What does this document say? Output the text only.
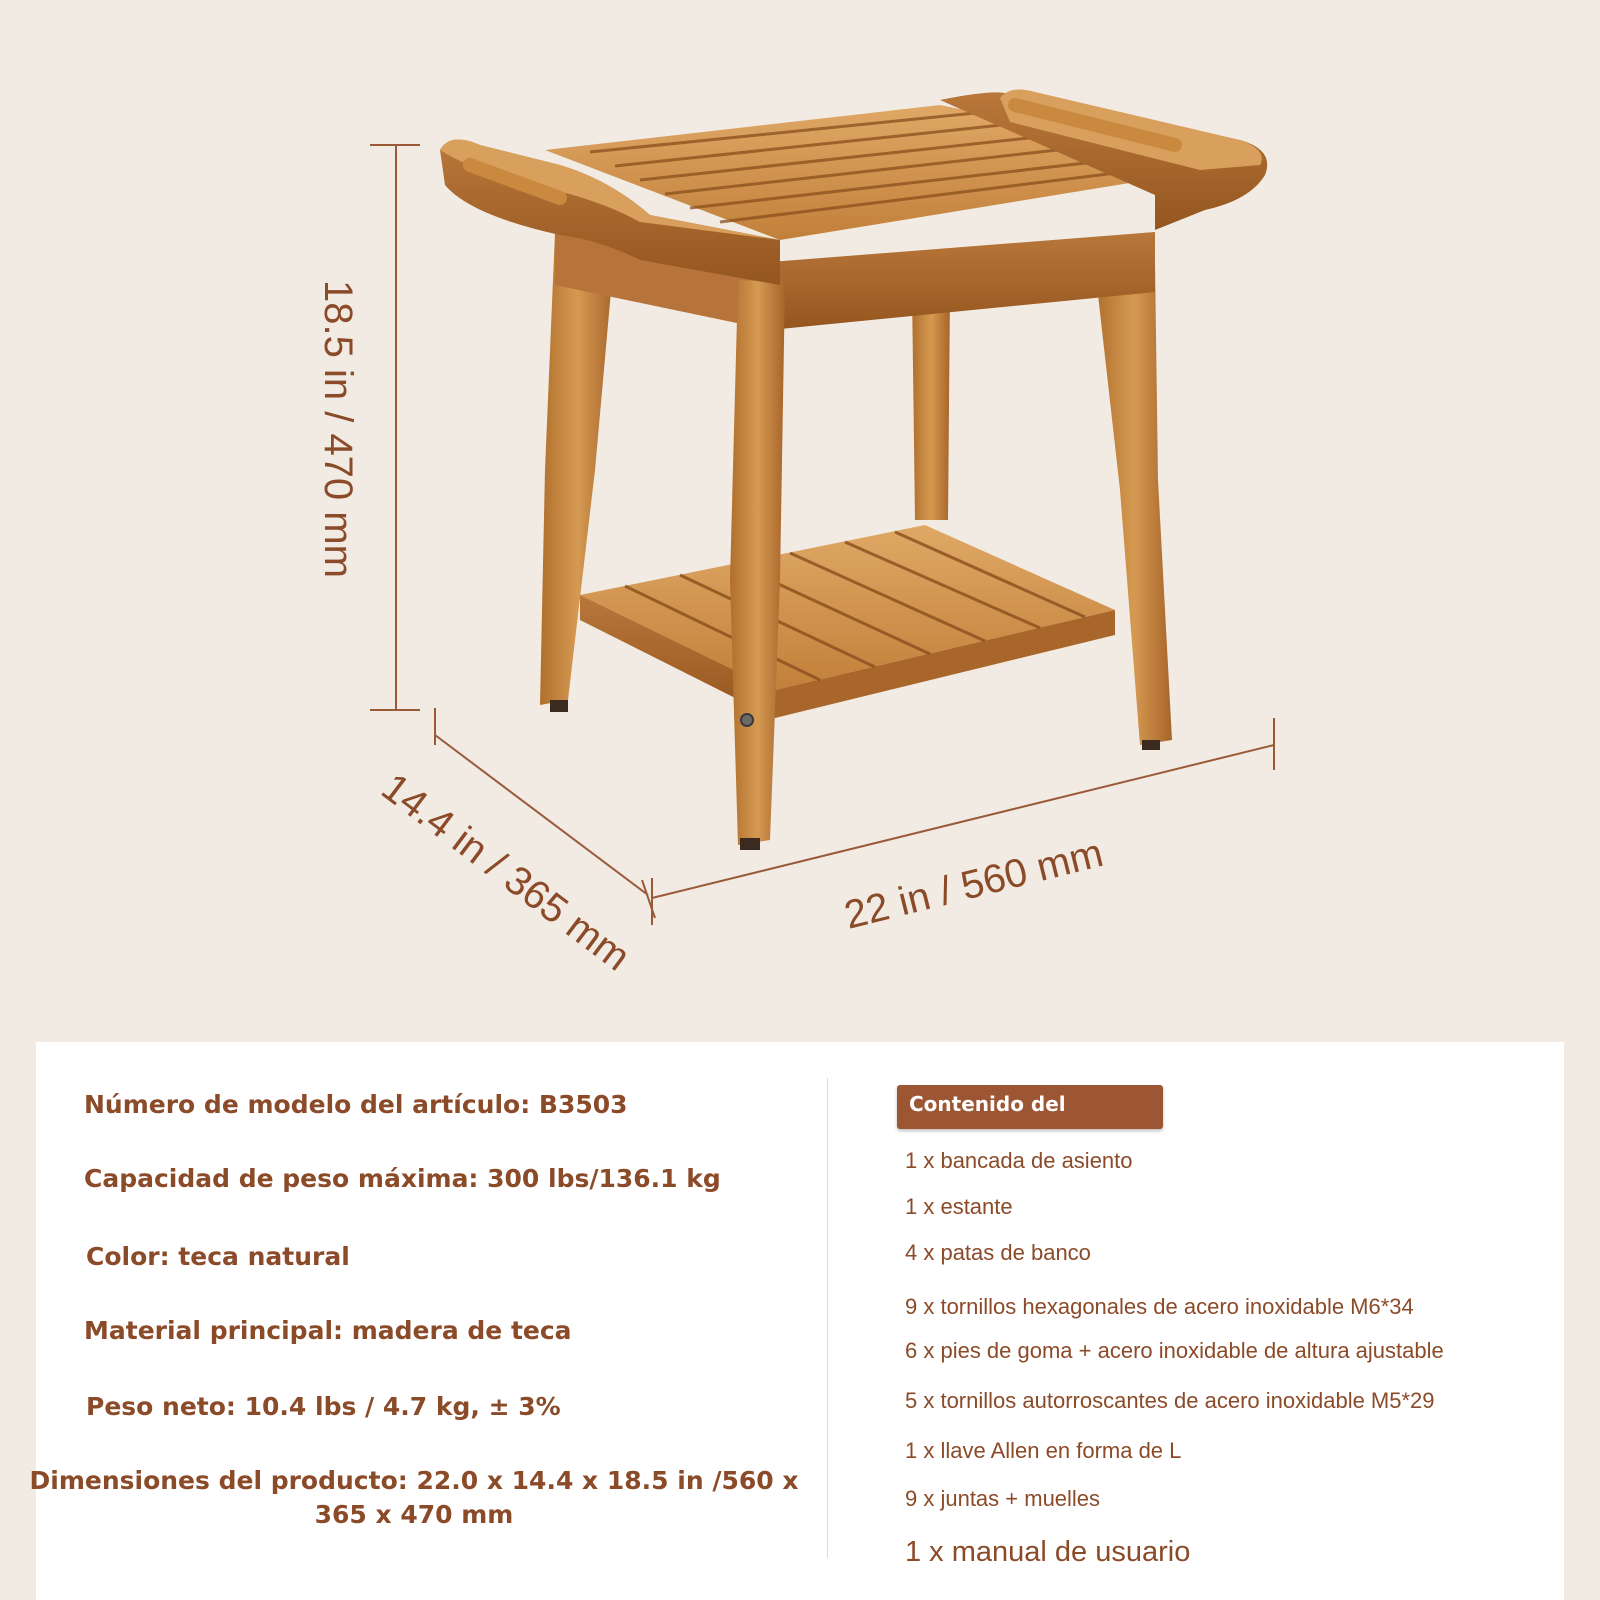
18.5 in / 470 mm
14.4 in / 365 mm	22 in / 560 mm
Número de modelo del artículo: B3503
Capacidad de peso máxima: 300 lbs/136.1 kg
Color: teca natural
Material principal: madera de teca
Peso neto: 10.4 lbs / 4.7 kg, ± 3%
Dimensiones del producto: 22.0 x 14.4 x 18.5 in /560 x 365 x 470 mm
Contenido del paquete
1 x bancada de asiento
1 x estante
4 x patas de banco
9 x tornillos hexagonales de acero inoxidable M6*34
6 x pies de goma + acero inoxidable de altura ajustable
5 x tornillos autorroscantes de acero inoxidable M5*29
1 x llave Allen en forma de L
9 x juntas + muelles
1 x manual de usuario
